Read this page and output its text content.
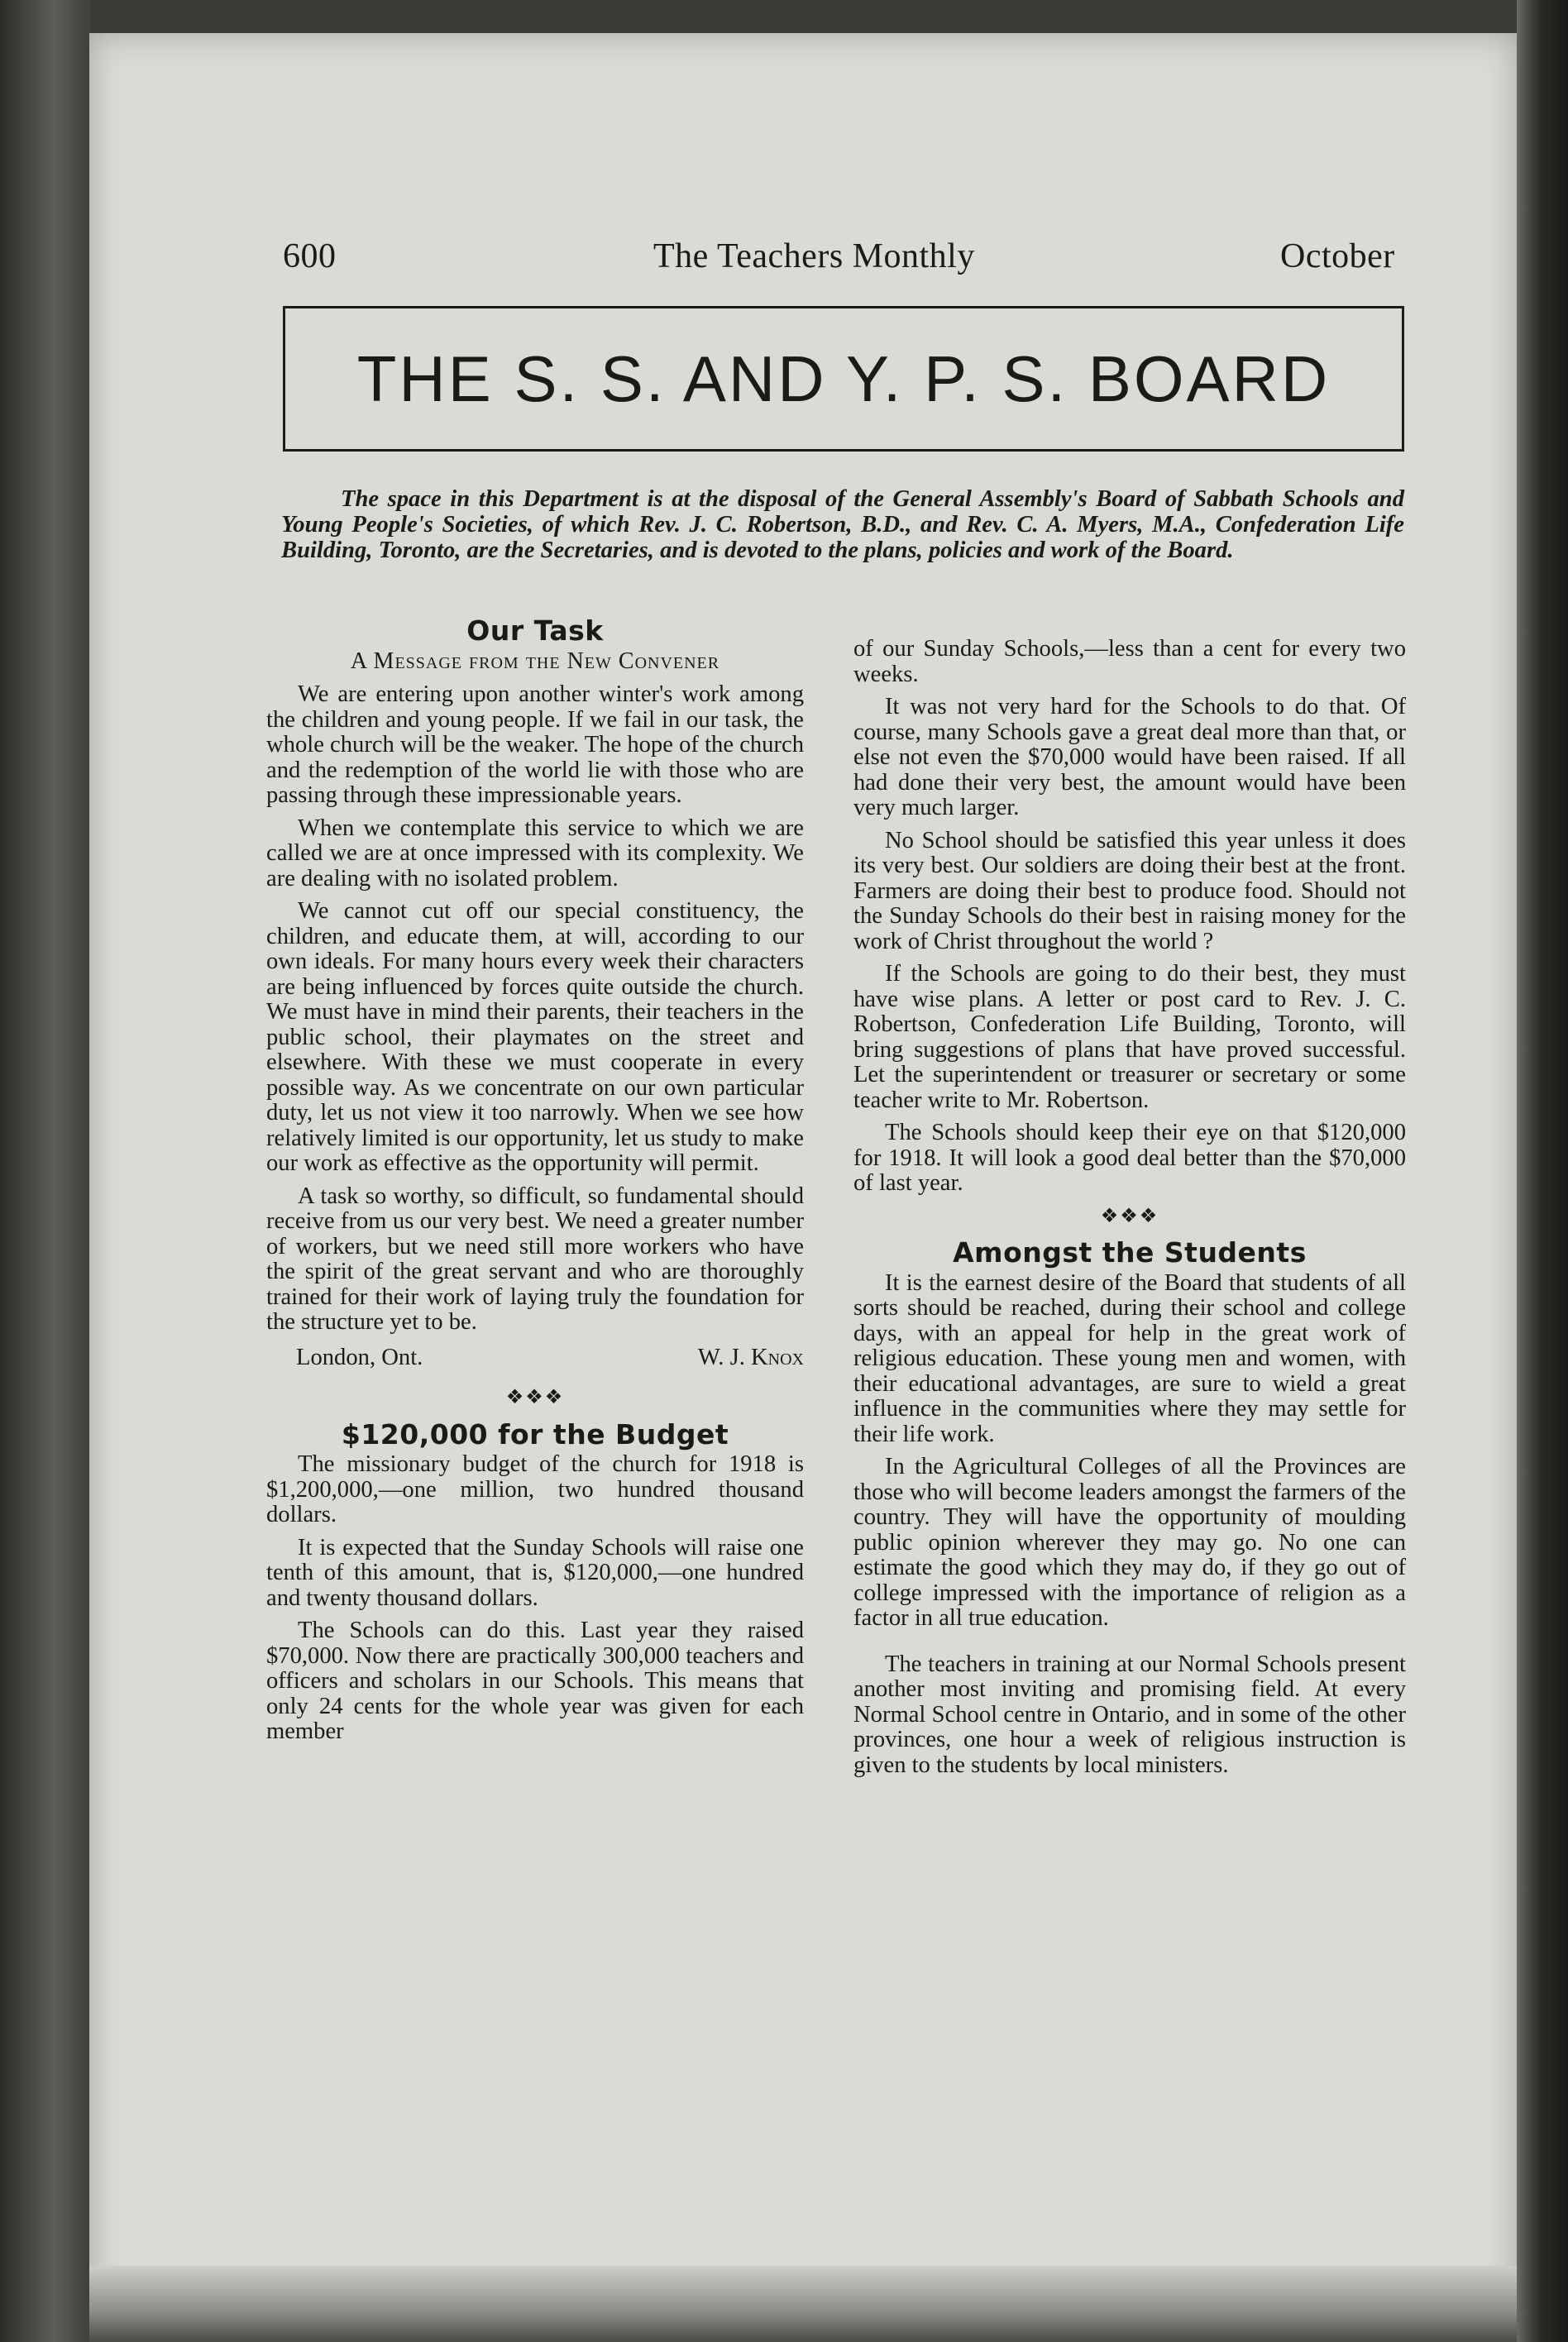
600	The Teachers Monthly	October
THE S. S. AND Y. P. S. BOARD
The space in this Department is at the disposal of the General Assembly's Board of Sabbath Schools and Young People's Societies, of which Rev. J. C. Robertson, B.D., and Rev. C. A. Myers, M.A., Confederation Life Building, Toronto, are the Secretaries, and is devoted to the plans, policies and work of the Board.
Our Task
A Message from the New Convener

We are entering upon another winter's work among the children and young people. If we fail in our task, the whole church will be the weaker. The hope of the church and the redemption of the world lie with those who are passing through these impressionable years.

When we contemplate this service to which we are called we are at once impressed with its complexity. We are dealing with no isolated problem.

We cannot cut off our special constituency, the children, and educate them, at will, according to our own ideals. For many hours every week their characters are being influenced by forces quite outside the church. We must have in mind their parents, their teachers in the public school, their playmates on the street and elsewhere. With these we must cooperate in every possible way. As we concentrate on our own particular duty, let us not view it too narrowly. When we see how relatively limited is our opportunity, let us study to make our work as effective as the opportunity will permit.

A task so worthy, so difficult, so fundamental should receive from us our very best. We need a greater number of workers, but we need still more workers who have the spirit of the great servant and who are thoroughly trained for their work of laying truly the foundation for the structure yet to be.

London, Ont.	W. J. Knox
❖❖❖
$120,000 for the Budget

The missionary budget of the church for 1918 is $1,200,000,—one million, two hundred thousand dollars.

It is expected that the Sunday Schools will raise one tenth of this amount, that is, $120,000,—one hundred and twenty thousand dollars.

The Schools can do this. Last year they raised $70,000. Now there are practically 300,000 teachers and officers and scholars in our Schools. This means that only 24 cents for the whole year was given for each member

of our Sunday Schools,—less than a cent for every two weeks.

It was not very hard for the Schools to do that. Of course, many Schools gave a great deal more than that, or else not even the $70,000 would have been raised. If all had done their very best, the amount would have been very much larger.

No School should be satisfied this year unless it does its very best. Our soldiers are doing their best at the front. Farmers are doing their best to produce food. Should not the Sunday Schools do their best in raising money for the work of Christ throughout the world ?

If the Schools are going to do their best, they must have wise plans. A letter or post card to Rev. J. C. Robertson, Confederation Life Building, Toronto, will bring suggestions of plans that have proved successful. Let the superintendent or treasurer or secretary or some teacher write to Mr. Robertson.

The Schools should keep their eye on that $120,000 for 1918. It will look a good deal better than the $70,000 of last year.

❖❖❖
Amongst the Students

It is the earnest desire of the Board that students of all sorts should be reached, during their school and college days, with an appeal for help in the great work of religious education. These young men and women, with their educational advantages, are sure to wield a great influence in the communities where they may settle for their life work.

In the Agricultural Colleges of all the Provinces are those who will become leaders amongst the farmers of the country. They will have the opportunity of moulding public opinion wherever they may go. No one can estimate the good which they may do, if they go out of college impressed with the importance of religion as a factor in all true education.

The teachers in training at our Normal Schools present another most inviting and promising field. At every Normal School centre in Ontario, and in some of the other provinces, one hour a week of religious instruction is given to the students by local ministers.
